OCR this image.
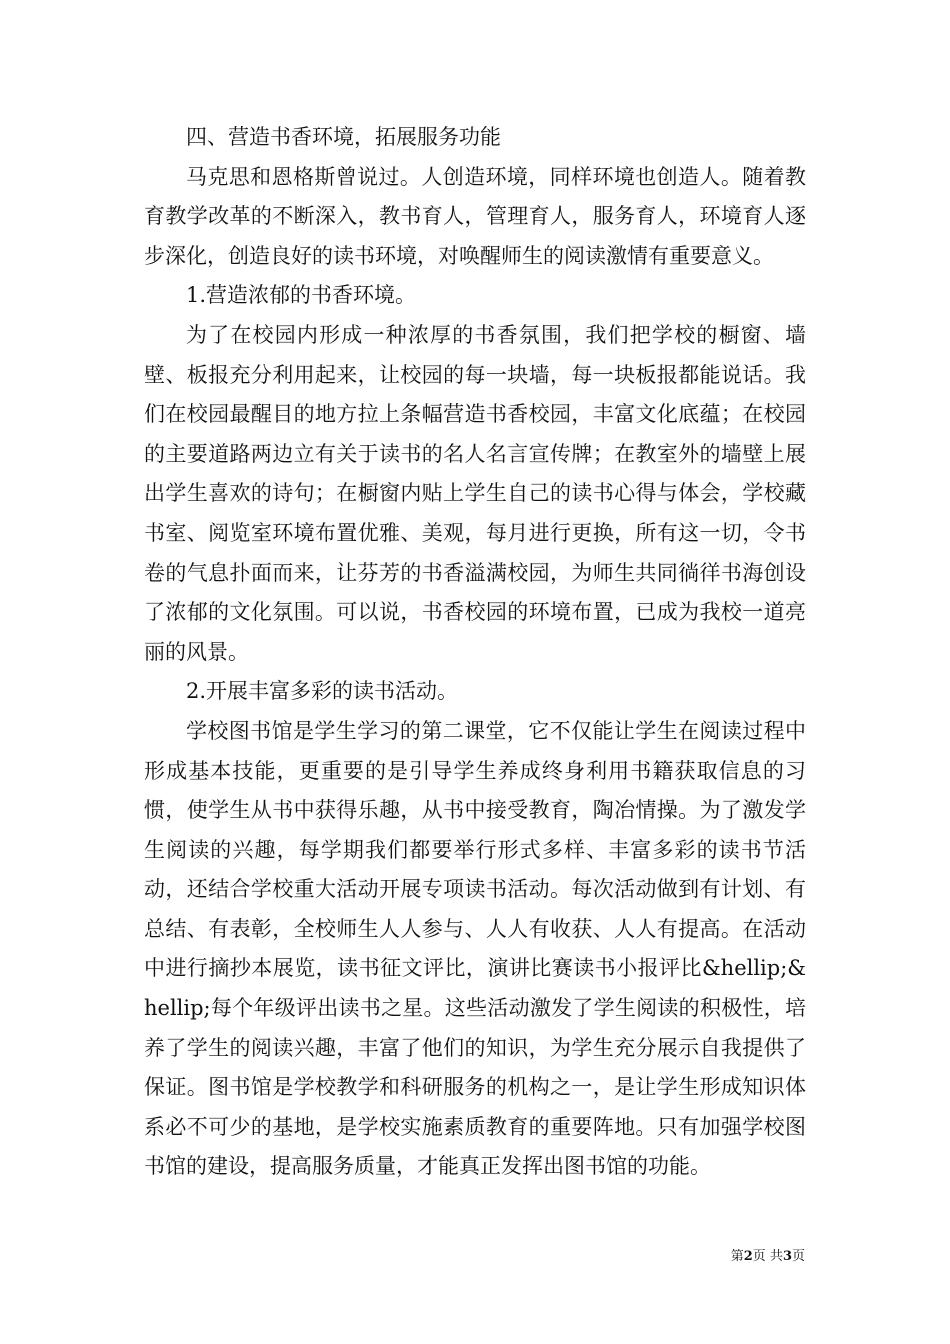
四、营造书香环境，拓展服务功能

马克思和恩格斯曾说过。人创造环境，同样环境也创造人。随着教育教学改革的不断深入，教书育人，管理育人，服务育人，环境育人逐步深化，创造良好的读书环境，对唤醒师生的阅读激情有重要意义。

1.营造浓郁的书香环境。

为了在校园内形成一种浓厚的书香氛围，我们把学校的橱窗、墙壁、板报充分利用起来，让校园的每一块墙，每一块板报都能说话。我们在校园最醒目的地方拉上条幅营造书香校园，丰富文化底蕴；在校园的主要道路两边立有关于读书的名人名言宣传牌；在教室外的墙壁上展出学生喜欢的诗句；在橱窗内贴上学生自己的读书心得与体会，学校藏书室、阅览室环境布置优雅、美观，每月进行更换，所有这一切，令书卷的气息扑面而来，让芬芳的书香溢满校园，为师生共同徜徉书海创设了浓郁的文化氛围。可以说，书香校园的环境布置，已成为我校一道亮丽的风景。

2.开展丰富多彩的读书活动。

学校图书馆是学生学习的第二课堂，它不仅能让学生在阅读过程中形成基本技能，更重要的是引导学生养成终身利用书籍获取信息的习惯，使学生从书中获得乐趣，从书中接受教育，陶冶情操。为了激发学生阅读的兴趣，每学期我们都要举行形式多样、丰富多彩的读书节活动，还结合学校重大活动开展专项读书活动。每次活动做到有计划、有总结、有表彰，全校师生人人参与、人人有收获、人人有提高。在活动中进行摘抄本展览，读书征文评比，演讲比赛读书小报评比&hellip;&hellip;每个年级评出读书之星。这些活动激发了学生阅读的积极性，培养了学生的阅读兴趣，丰富了他们的知识，为学生充分展示自我提供了保证。图书馆是学校教学和科研服务的机构之一，是让学生形成知识体系必不可少的基地，是学校实施素质教育的重要阵地。只有加强学校图书馆的建设，提高服务质量，才能真正发挥出图书馆的功能。

第2页 共3页
